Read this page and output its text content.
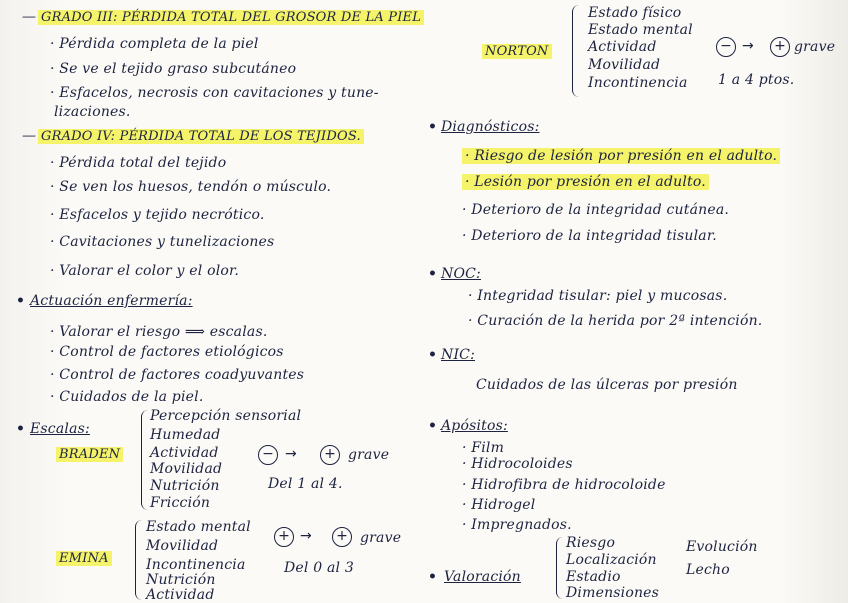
— GRADO III: PÉRDIDA TOTAL DEL GROSOR DE LA PIEL
· Pérdida completa de la piel
· Se ve el tejido graso subcutáneo
· Esfacelos, necrosis con cavitaciones y tune-
lizaciones.
— GRADO IV: PÉRDIDA TOTAL DE LOS TEJIDOS.
· Pérdida total del tejido
· Se ven los huesos, tendón o músculo.
· Esfacelos y tejido necrótico.
· Cavitaciones y tunelizaciones
· Valorar el color y el olor.
• Actuación enfermería:
· Valorar el riesgo ⟹ escalas.
· Control de factores etiológicos
· Control de factores coadyuvantes
· Cuidados de la piel.
• Escalas:
BRADEN
Percepción sensorial
Humedad
Actividad
Movilidad
Nutrición
Fricción
− → + grave
Del 1 al 4.
EMINA
Estado mental
Movilidad
Incontinencia
Nutrición
Actividad
+ → + grave
Del 0 al 3
NORTON
Estado físico
Estado mental
Actividad
Movilidad
Incontinencia
− → + grave
1 a 4 ptos.
• Diagnósticos:
· Riesgo de lesión por presión en el adulto.
· Lesión por presión en el adulto.
· Deterioro de la integridad cutánea.
· Deterioro de la integridad tisular.
• NOC:
· Integridad tisular: piel y mucosas.
· Curación de la herida por 2ª intención.
• NIC:
Cuidados de las úlceras por presión
• Apósitos:
· Film
· Hidrocoloides
· Hidrofibra de hidrocoloide
· Hidrogel
· Impregnados.
• Valoración
Riesgo
Localización
Estadio
Dimensiones
Evolución
Lecho
